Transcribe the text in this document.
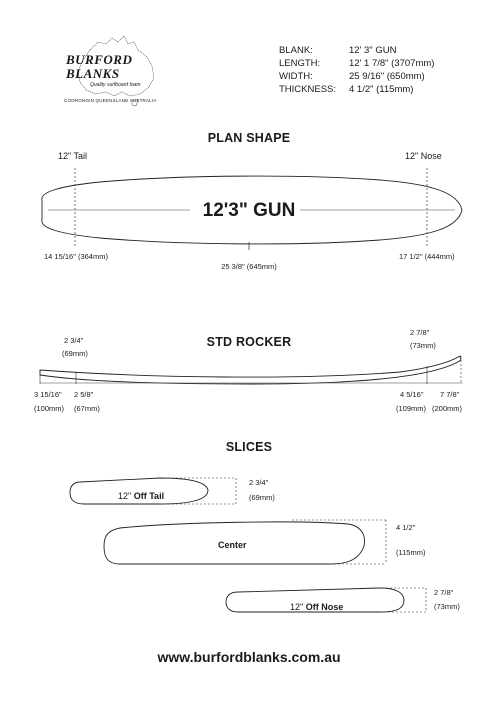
BURFORD
BLANKS
Quality surfboard foam
COORONGIN QUEENSLAND AUSTRALIA
BLANK:	12' 3" GUN
LENGTH:	12' 1 7/8" (3707mm)
WIDTH:	25 9/16" (650mm)
THICKNESS: 4 1/2" (115mm)
PLAN SHAPE
12" Tail	12" Nose
12'3" GUN
14 15/16" (364mm)
25 3/8" (645mm)
17 1/2" (444mm)
STD ROCKER
2 3/4"
(69mm)
2 7/8"
(73mm)
3 15/16"
(100mm)
2 5/8"
(67mm)
4 5/16"
(109mm)
7 7/8"
(200mm)
SLICES
12" Off Tail
2 3/4"
(69mm)
Center
4 1/2"
(115mm)
12" Off Nose
2 7/8"
(73mm)
www.burfordblanks.com.au
